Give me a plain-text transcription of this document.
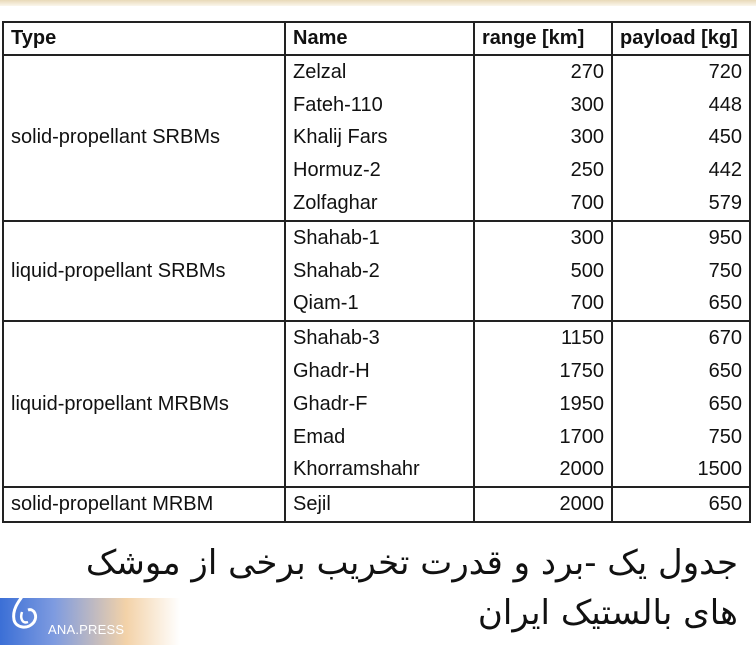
Type	Name	range [km]	payload [kg]
solid-propellant SRBMs	Zelzal	270	720
	Fateh-110	300	448
	Khalij Fars	300	450
	Hormuz-2	250	442
	Zolfaghar	700	579
liquid-propellant SRBMs	Shahab-1	300	950
	Shahab-2	500	750
	Qiam-1	700	650
liquid-propellant MRBMs	Shahab-3	1150	670
	Ghadr-H	1750	650
	Ghadr-F	1950	650
	Emad	1700	750
	Khorramshahr	2000	1500
solid-propellant MRBM	Sejil	2000	650
جدول یک -برد و قدرت تخریب برخی از موشک
های بالستیک ایران
ANA.PRESS
